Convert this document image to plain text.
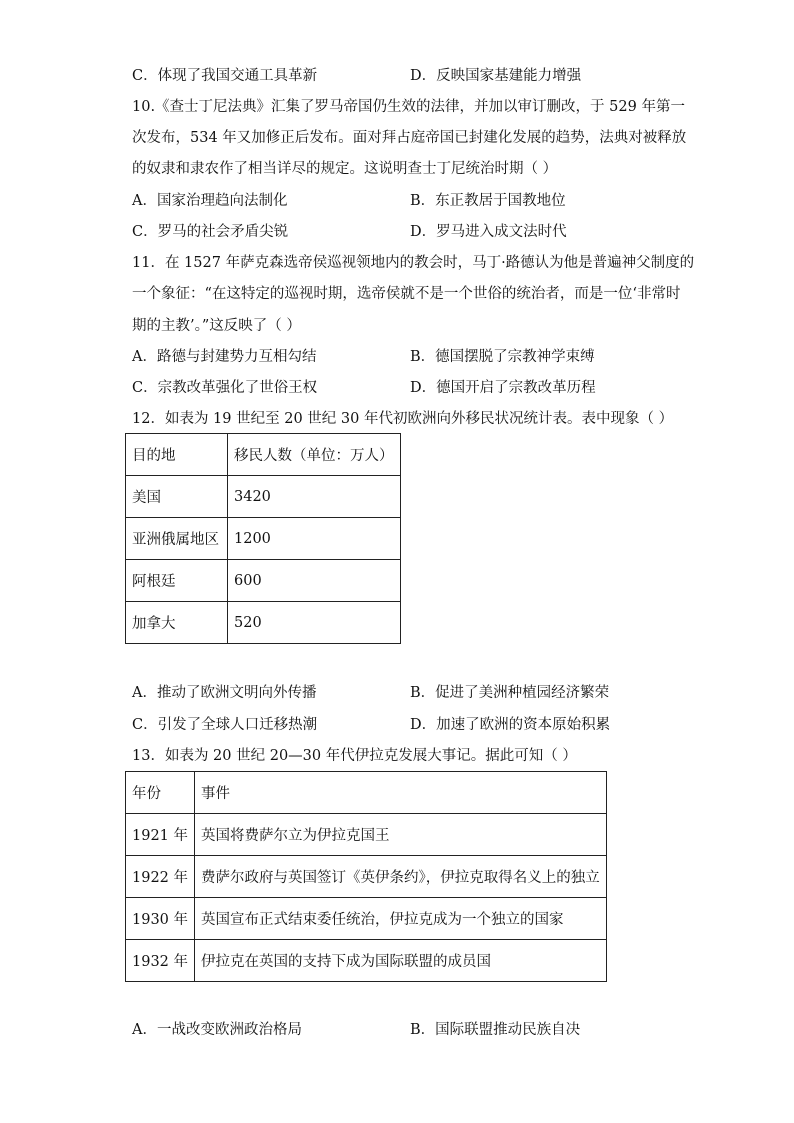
C．体现了我国交通工具革新	D．反映国家基建能力增强
10.《查士丁尼法典》汇集了罗马帝国仍生效的法律，并加以审订删改，于 529 年第一
次发布，534 年又加修正后发布。面对拜占庭帝国已封建化发展的趋势，法典对被释放
的奴隶和隶农作了相当详尽的规定。这说明查士丁尼统治时期（ ）
A．国家治理趋向法制化	B．东正教居于国教地位
C．罗马的社会矛盾尖锐	D．罗马进入成文法时代
11．在 1527 年萨克森选帝侯巡视领地内的教会时，马丁·路德认为他是普遍神父制度的
一个象征：“在这特定的巡视时期，选帝侯就不是一个世俗的统治者，而是一位‘非常时
期的主教’。”这反映了（ ）
A．路德与封建势力互相勾结	B．德国摆脱了宗教神学束缚
C．宗教改革强化了世俗王权	D．德国开启了宗教改革历程
12．如表为 19 世纪至 20 世纪 30 年代初欧洲向外移民状况统计表。表中现象（ ）
目的地	移民人数（单位：万人）
美国	3420
亚洲俄属地区	1200
阿根廷	600
加拿大	520
A．推动了欧洲文明向外传播	B．促进了美洲种植园经济繁荣
C．引发了全球人口迁移热潮	D．加速了欧洲的资本原始积累
13．如表为 20 世纪 20—30 年代伊拉克发展大事记。据此可知（ ）
年份	事件
1921 年	英国将费萨尔立为伊拉克国王
1922 年	费萨尔政府与英国签订《英伊条约》，伊拉克取得名义上的独立
1930 年	英国宣布正式结束委任统治，伊拉克成为一个独立的国家
1932 年	伊拉克在英国的支持下成为国际联盟的成员国
A．一战改变欧洲政治格局	B．国际联盟推动民族自决
